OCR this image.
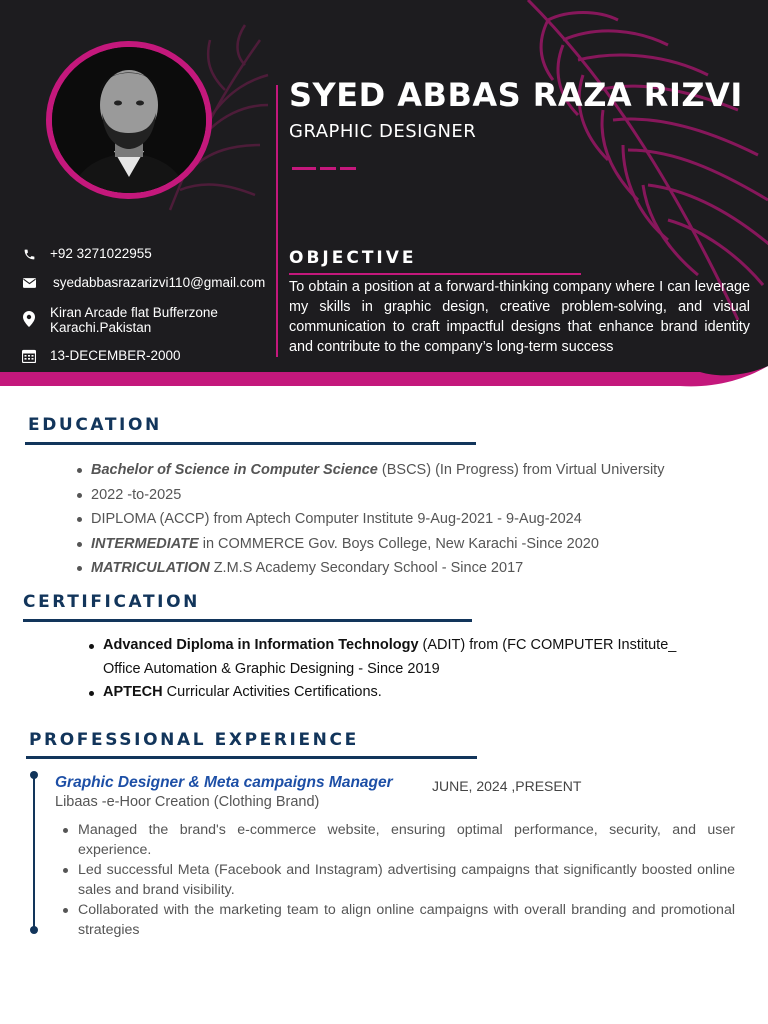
SYED ABBAS RAZA RIZVI
GRAPHIC DESIGNER
+92 3271022955
syedabbasrazarizvi110@gmail.com
Kiran Arcade flat Bufferzone
Karachi.Pakistan
13-DECEMBER-2000
OBJECTIVE
To obtain a position at a forward-thinking company where I can leverage my skills in graphic design, creative problem-solving, and visual communication to craft impactful designs that enhance brand identity and contribute to the company’s long-term success
EDUCATION
Bachelor of Science in Computer Science (BSCS) (In Progress) from Virtual University
2022 -to-2025
DIPLOMA (ACCP) from Aptech Computer Institute 9-Aug-2021 - 9-Aug-2024
INTERMEDIATE in COMMERCE Gov. Boys College, New Karachi -Since 2020
MATRICULATION Z.M.S Academy Secondary School - Since 2017
CERTIFICATION
Advanced Diploma in Information Technology (ADIT) from (FC COMPUTER Institute_
Office Automation & Graphic Designing - Since 2019
APTECH Curricular Activities Certifications.
PROFESSIONAL EXPERIENCE
Graphic Designer & Meta campaigns Manager	JUNE, 2024 ,PRESENT
Libaas -e-Hoor Creation (Clothing Brand)
Managed the brand's e-commerce website, ensuring optimal performance, security, and user experience.
Led successful Meta (Facebook and Instagram) advertising campaigns that significantly boosted online sales and brand visibility.
Collaborated with the marketing team to align online campaigns with overall branding and promotional strategies
